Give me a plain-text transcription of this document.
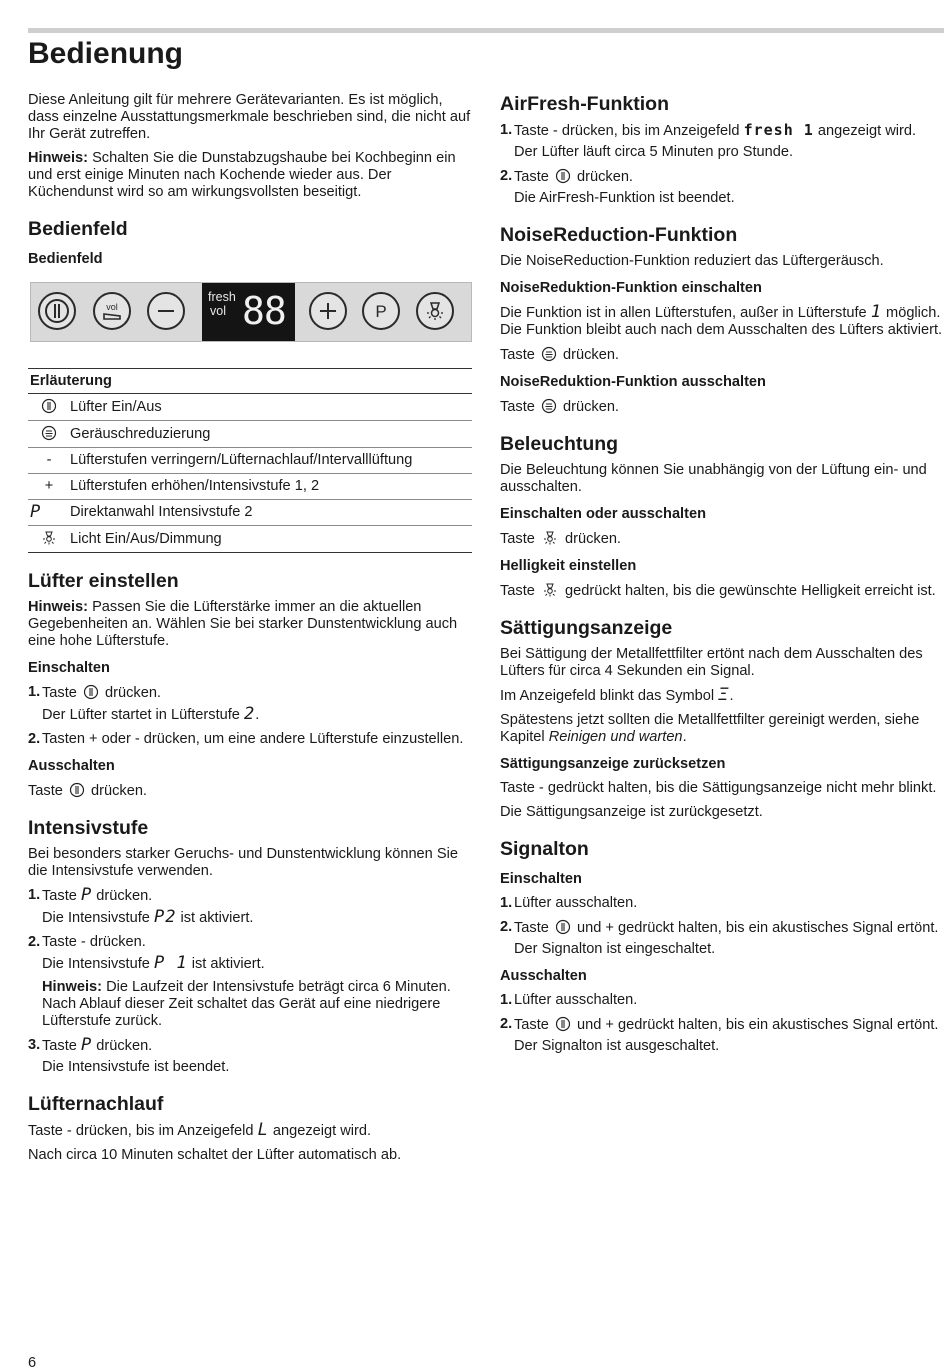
Bedienung

Diese Anleitung gilt für mehrere Gerätevarianten. Es ist möglich, dass einzelne Ausstattungsmerkmale beschrieben sind, die nicht auf Ihr Gerät zutreffen.

Hinweis: Schalten Sie die Dunstabzugshaube bei Kochbeginn ein und erst einige Minuten nach Kochende wieder aus. Der Küchendunst wird so am wirkungsvollsten beseitigt.

Bedienfeld
Bedienfeld
vol
fresh
vol 88	P
Erläuterung	
	Lüfter Ein/Aus
	Geräuschreduzierung
-	Lüfterstufen verringern/Lüfternachlauf/Intervalllüftung
+	Lüfterstufen erhöhen/Intensivstufe 1, 2
P	Direktanwahl Intensivstufe 2
	Licht Ein/Aus/Dimmung
Lüfter einstellen

Hinweis: Passen Sie die Lüfterstärke immer an die aktuellen Gegebenheiten an. Wählen Sie bei starker Dunstentwicklung auch eine hohe Lüfterstufe.

Einschalten
1. Taste drücken.
Der Lüfter startet in Lüfterstufe 2.
2. Tasten + oder - drücken, um eine andere Lüfterstufe einzustellen.
Ausschalten

Taste drücken.

Intensivstufe

Bei besonders starker Geruchs- und Dunstentwicklung können Sie die Intensivstufe verwenden.

1. Taste P drücken.
Die Intensivstufe P2 ist aktiviert.
2. Taste - drücken.
Die Intensivstufe P 1 ist aktiviert.
Hinweis: Die Laufzeit der Intensivstufe beträgt circa 6 Minuten. Nach Ablauf dieser Zeit schaltet das Gerät auf eine niedrigere Lüfterstufe zurück.
3. Taste P drücken.
Die Intensivstufe ist beendet.
Lüfternachlauf

Taste - drücken, bis im Anzeigefeld L angezeigt wird.

Nach circa 10 Minuten schaltet der Lüfter automatisch ab.

AirFresh-Funktion
1. Taste - drücken, bis im Anzeigefeld fresh 1 angezeigt wird.
Der Lüfter läuft circa 5 Minuten pro Stunde.
2. Taste drücken.
Die AirFresh-Funktion ist beendet.
NoiseReduction-Funktion

Die NoiseReduction-Funktion reduziert das Lüftergeräusch.

NoiseReduktion-Funktion einschalten

Die Funktion ist in allen Lüfterstufen, außer in Lüfterstufe 1 möglich. Die Funktion bleibt auch nach dem Ausschalten des Lüfters aktiviert.

Taste drücken.

NoiseReduktion-Funktion ausschalten

Taste drücken.

Beleuchtung

Die Beleuchtung können Sie unabhängig von der Lüftung ein- und ausschalten.

Einschalten oder ausschalten

Taste drücken.

Helligkeit einstellen

Taste gedrückt halten, bis die gewünschte Helligkeit erreicht ist.

Sättigungsanzeige

Bei Sättigung der Metallfettfilter ertönt nach dem Ausschalten des Lüfters für circa 4 Sekunden ein Signal.

Im Anzeigefeld blinkt das Symbol Ξ.

Spätestens jetzt sollten die Metallfettfilter gereinigt werden, siehe Kapitel Reinigen und warten.

Sättigungsanzeige zurücksetzen

Taste - gedrückt halten, bis die Sättigungsanzeige nicht mehr blinkt.

Die Sättigungsanzeige ist zurückgesetzt.

Signalton
Einschalten
1. Lüfter ausschalten.
2. Taste und + gedrückt halten, bis ein akustisches Signal ertönt.
Der Signalton ist eingeschaltet.
Ausschalten
1. Lüfter ausschalten.
2. Taste und + gedrückt halten, bis ein akustisches Signal ertönt.
Der Signalton ist ausgeschaltet.
6
